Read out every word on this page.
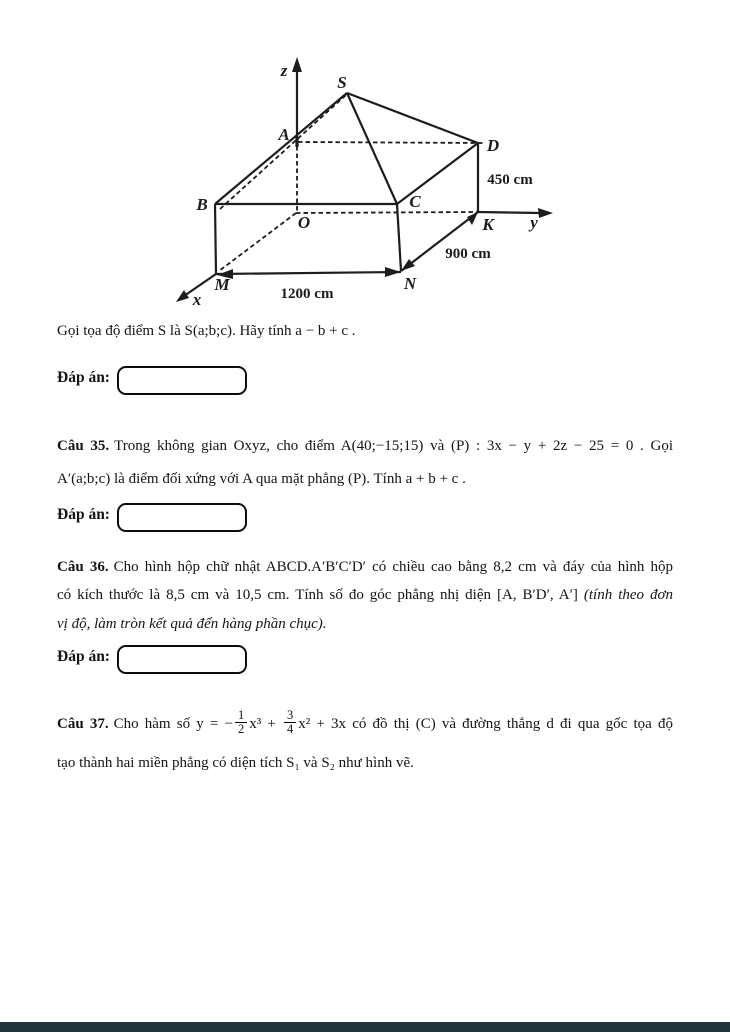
z
S
A
B	C
D
O	K
M	N
x
y
450 cm
900 cm
1200 cm
Gọi tọa độ điểm S là S(a;b;c). Hãy tính a − b + c .
Đáp án:
Câu 35. Trong không gian Oxyz, cho điểm A(40;−15;15) và (P) : 3x − y + 2z − 25 = 0 . Gọi
A′(a;b;c) là điểm đối xứng với A qua mặt phẳng (P). Tính a + b + c .
Đáp án:
Câu 36. Cho hình hộp chữ nhật ABCD.A′B′C′D′ có chiều cao bằng 8,2 cm và đáy của hình hộp
có kích thước là 8,5 cm và 10,5 cm. Tính số đo góc phẳng nhị diện [A, B′D′, A′] (tính theo đơn
vị độ, làm tròn kết quả đến hàng phần chục).
Đáp án:
Câu 37. Cho hàm số y = − $\frac{1}{2} x^3 + \frac{3}{4} x^2 + 3x$ có đồ thị (C) và đường thẳng d đi qua gốc tọa độ
tạo thành hai miền phẳng có diện tích S₁ và S₂ như hình vẽ.
